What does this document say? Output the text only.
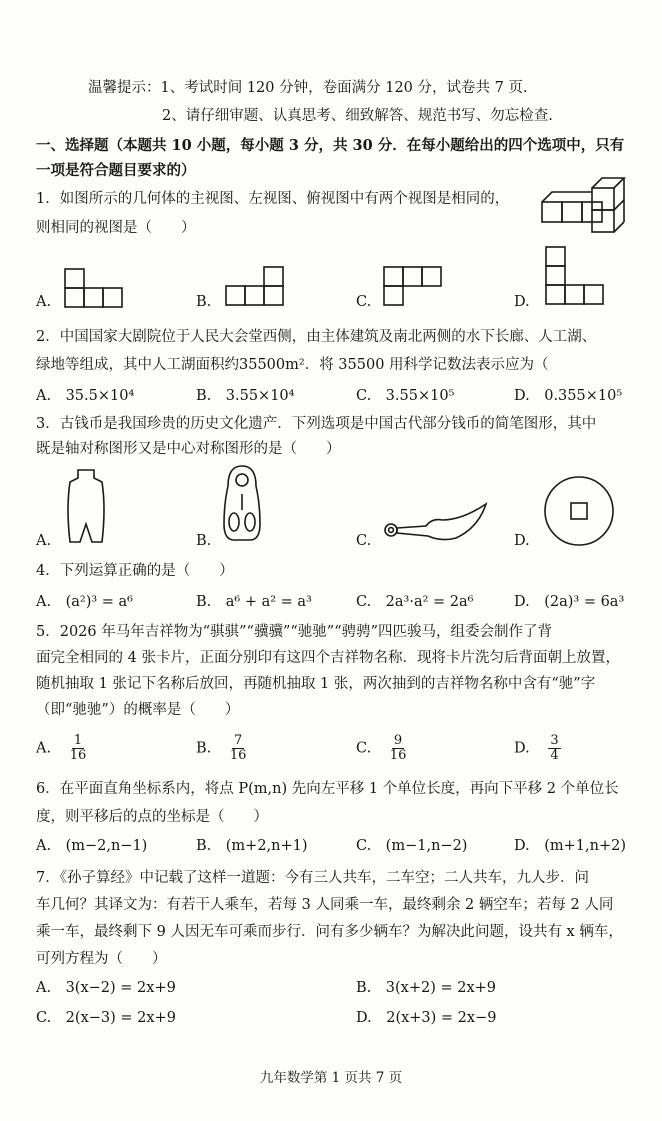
温馨提示：1、考试时间 120 分钟，卷面满分 120 分，试卷共 7 页.
2、请仔细审题、认真思考、细致解答、规范书写、勿忘检查.
一、选择题（本题共 10 小题，每小题 3 分，共 30 分．在每小题给出的四个选项中，只有
一项是符合题目要求的）
1．如图所示的几何体的主视图、左视图、俯视图中有两个视图是相同的，
则相同的视图是（　　）
A.	B.	C.	D.
2．中国国家大剧院位于人民大会堂西侧，由主体建筑及南北两侧的水下长廊、人工湖、
绿地等组成，其中人工湖面积约35500m²．将 35500 用科学记数法表示应为（
A.　35.5×10⁴	B.　3.55×10⁴	C.　3.55×10⁵	D.　0.355×10⁵
3．古钱币是我国珍贵的历史文化遗产．下列选项是中国古代部分钱币的简笔图形，其中
既是轴对称图形又是中心对称图形的是（　　）
A.	B.	C.	D.
4．下列运算正确的是（　　）
A.　(a²)³ = a⁶	B.　a⁶ + a² = a³	C.　2a³·a² = 2a⁶	D.　(2a)³ = 6a³
5．2026 年马年吉祥物为“骐骐”“骥骥”“驰驰”“骋骋”四匹骏马，组委会制作了背
面完全相同的 4 张卡片，正面分别印有这四个吉祥物名称．现将卡片洗匀后背面朝上放置，
随机抽取 1 张记下名称后放回，再随机抽取 1 张，两次抽到的吉祥物名称中含有“驰”字
（即“驰驰”）的概率是（　　）
A. $\frac{1}{16}$	B. $\frac{7}{16}$	C. $\frac{9}{16}$	D. $\frac{3}{4}$
6．在平面直角坐标系内，将点 P(m,n) 先向左平移 1 个单位长度，再向下平移 2 个单位长
度，则平移后的点的坐标是（　　）
A.　(m−2,n−1)	B.　(m+2,n+1)	C.　(m−1,n−2)	D.　(m+1,n+2)
7．《孙子算经》中记载了这样一道题：今有三人共车，二车空；二人共车，九人步．问
车几何？其译文为：有若干人乘车，若每 3 人同乘一车，最终剩余 2 辆空车；若每 2 人同
乘一车，最终剩下 9 人因无车可乘而步行．问有多少辆车？为解决此问题，设共有 x 辆车，
可列方程为（　　）
A.　3(x−2) = 2x+9	B.　3(x+2) = 2x+9
C.　2(x−3) = 2x+9	D.　2(x+3) = 2x−9
九年数学第 1 页共 7 页
